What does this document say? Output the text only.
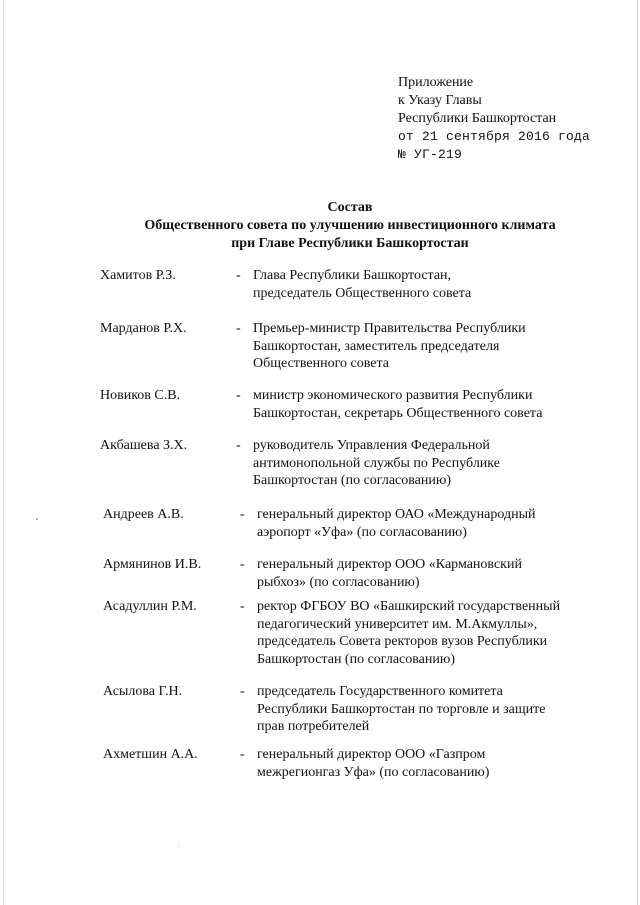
Приложение
к Указу Главы
Республики Башкортостан
от 21 сентября 2016 года
№ УГ-219
Состав
Общественного совета по улучшению инвестиционного климата
при Главе Республики Башкортостан
Хамитов Р.З.	- Глава Республики Башкортостан,
председатель Общественного совета
Марданов Р.Х.	- Премьер-министр Правительства Республики
Башкортостан, заместитель председателя
Общественного совета
Новиков С.В.	- министр экономического развития Республики
Башкортостан, секретарь Общественного совета
Акбашева З.Х.	- руководитель Управления Федеральной
антимонопольной службы по Республике
Башкортостан (по согласованию)
Андреев А.В.	- генеральный директор ОАО «Международный
аэропорт «Уфа» (по согласованию)
Армянинов И.В.	- генеральный директор ООО «Кармановский
рыбхоз» (по согласованию)
Асадуллин Р.М.	- ректор ФГБОУ ВО «Башкирский государственный
педагогический университет им. М.Акмуллы»,
председатель Совета ректоров вузов Республики
Башкортостан (по согласованию)
Асылова Г.Н.	- председатель Государственного комитета
Республики Башкортостан по торговле и защите
прав потребителей
Ахметшин А.А.	- генеральный директор ООО «Газпром
межрегионгаз Уфа» (по согласованию)
